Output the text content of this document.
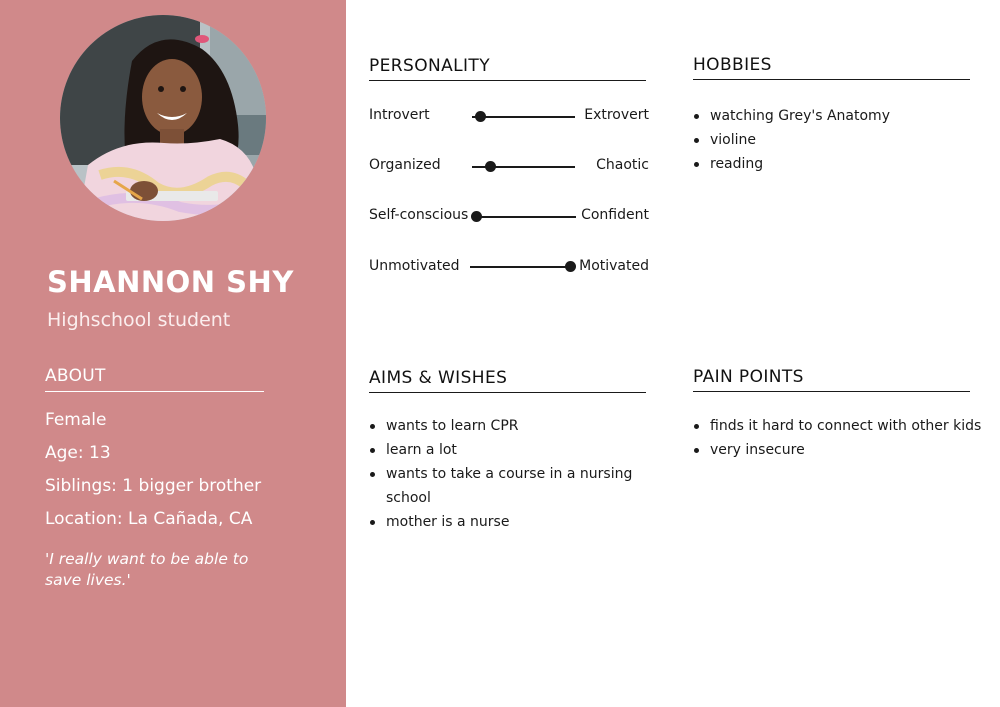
SHANNON SHY
Highschool student
ABOUT
Female
Age: 13
Siblings: 1 bigger brother
Location: La Cañada, CA
'I really want to be able to save lives.'
PERSONALITY
Introvert	Extrovert
Organized	Chaotic
Self-conscious	Confident
Unmotivated	Motivated
HOBBIES
watching Grey's Anatomy
violine
reading
AIMS & WISHES
wants to learn CPR
learn a lot
wants to take a course in a nursing school
mother is a nurse
PAIN POINTS
finds it hard to connect with other kids
very insecure
